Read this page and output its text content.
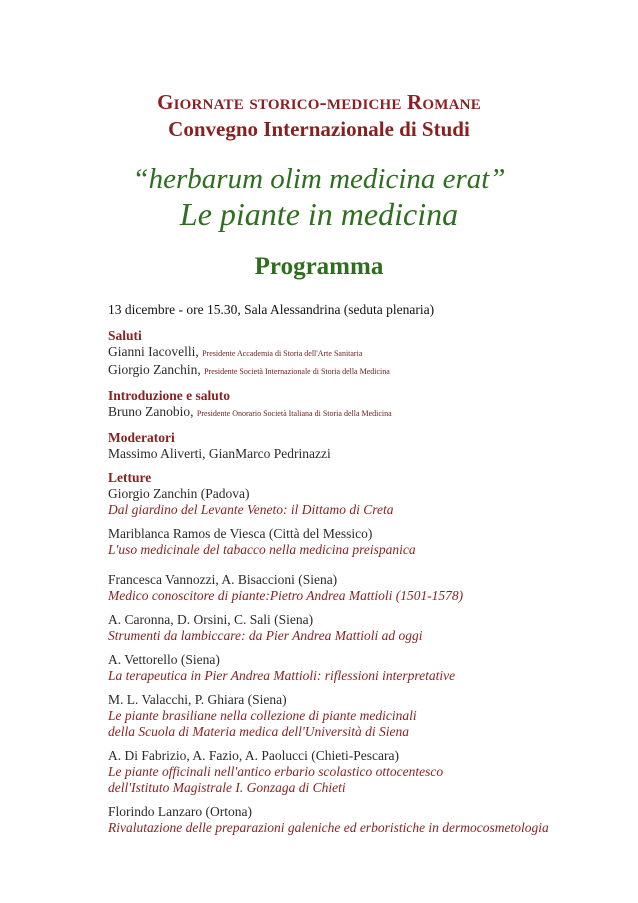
Giornate storico-mediche Romane
Convegno Internazionale di Studi

“herbarum olim medicina erat”

Le piante in medicina

Programma
13 dicembre - ore 15.30, Sala Alessandrina (seduta plenaria)
Saluti
Gianni Iacovelli, Presidente Accademia di Storia dell'Arte Sanitaria
Giorgio Zanchin, Presidente Società Internazionale di Storia della Medicina
Introduzione e saluto
Bruno Zanobio, Presidente Onorario Società Italiana di Storia della Medicina
Moderatori
Massimo Aliverti, GianMarco Pedrinazzi
Letture
Giorgio Zanchin (Padova)
Dal giardino del Levante Veneto: il Dittamo di Creta
Mariblanca Ramos de Viesca (Città del Messico)
L'uso medicinale del tabacco nella medicina preispanica
Francesca Vannozzi, A. Bisaccioni (Siena)
Medico conoscitore di piante:Pietro Andrea Mattioli (1501-1578)
A. Caronna, D. Orsini, C. Sali (Siena)
Strumenti da lambiccare: da Pier Andrea Mattioli ad oggi
A. Vettorello (Siena)
La terapeutica in Pier Andrea Mattioli: riflessioni interpretative
M. L. Valacchi, P. Ghiara (Siena)
Le piante brasiliane nella collezione di piante medicinali
della Scuola di Materia medica dell'Università di Siena
A. Di Fabrizio, A. Fazio, A. Paolucci (Chieti-Pescara)
Le piante officinali nell'antico erbario scolastico ottocentesco
dell'Istituto Magistrale I. Gonzaga di Chieti
Florindo Lanzaro (Ortona)
Rivalutazione delle preparazioni galeniche ed erboristiche in dermocosmetologia
